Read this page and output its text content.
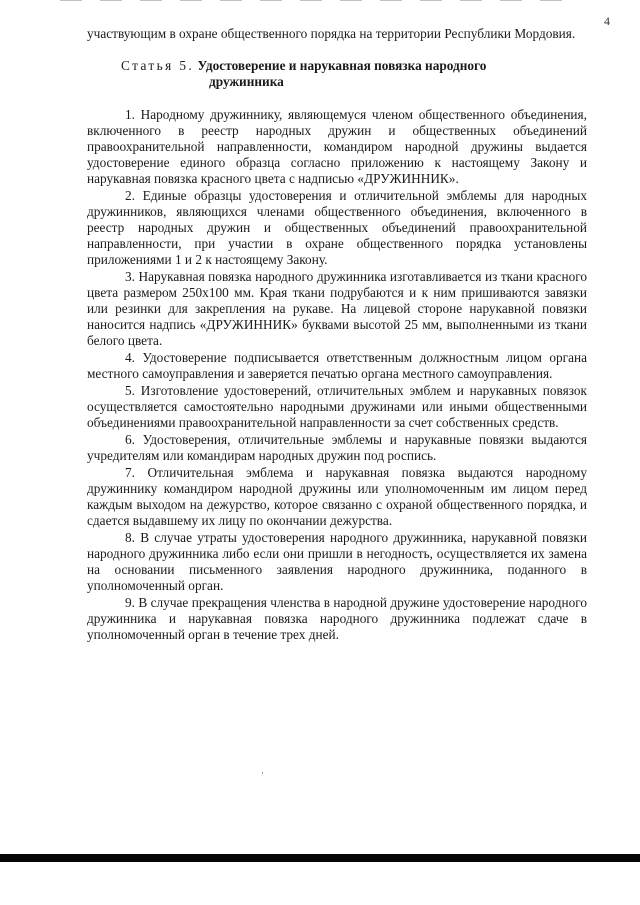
4

участвующим в охране общественного порядка на территории Республики Мордовия.

Статья 5. Удостоверение и нарукавная повязка народного
дружинника

1. Народному дружиннику, являющемуся членом общественного объединения, включенного в реестр народных дружин и общественных объединений правоохранительной направленности, командиром народной дружины выдается удостоверение единого образца согласно приложению к настоящему Закону и нарукавная повязка красного цвета с надписью «ДРУЖИННИК».

2. Единые образцы удостоверения и отличительной эмблемы для народных дружинников, являющихся членами общественного объединения, включенного в реестр народных дружин и общественных объединений правоохранительной направленности, при участии в охране общественного порядка установлены приложениями 1 и 2 к настоящему Закону.

3. Нарукавная повязка народного дружинника изготавливается из ткани красного цвета размером 250х100 мм. Края ткани подрубаются и к ним пришиваются завязки или резинки для закрепления на рукаве. На лицевой стороне нарукавной повязки наносится надпись «ДРУЖИННИК» буквами высотой 25 мм, выполненными из ткани белого цвета.

4. Удостоверение подписывается ответственным должностным лицом органа местного самоуправления и заверяется печатью органа местного самоуправления.

5. Изготовление удостоверений, отличительных эмблем и нарукавных повязок осуществляется самостоятельно народными дружинами или иными общественными объединениями правоохранительной направленности за счет собственных средств.

6. Удостоверения, отличительные эмблемы и нарукавные повязки выдаются учредителям или командирам народных дружин под роспись.

7. Отличительная эмблема и нарукавная повязка выдаются народному дружиннику командиром народной дружины или уполномоченным им лицом перед каждым выходом на дежурство, которое связанно с охраной общественного порядка, и сдается выдавшему их лицу по окончании дежурства.

8. В случае утраты удостоверения народного дружинника, нарукавной повязки народного дружинника либо если они пришли в негодность, осуществляется их замена на основании письменного заявления народного дружинника, поданного в уполномоченный орган.

9. В случае прекращения членства в народной дружине удостоверение народного дружинника и нарукавная повязка народного дружинника подлежат сдаче в уполномоченный орган в течение трех дней.
